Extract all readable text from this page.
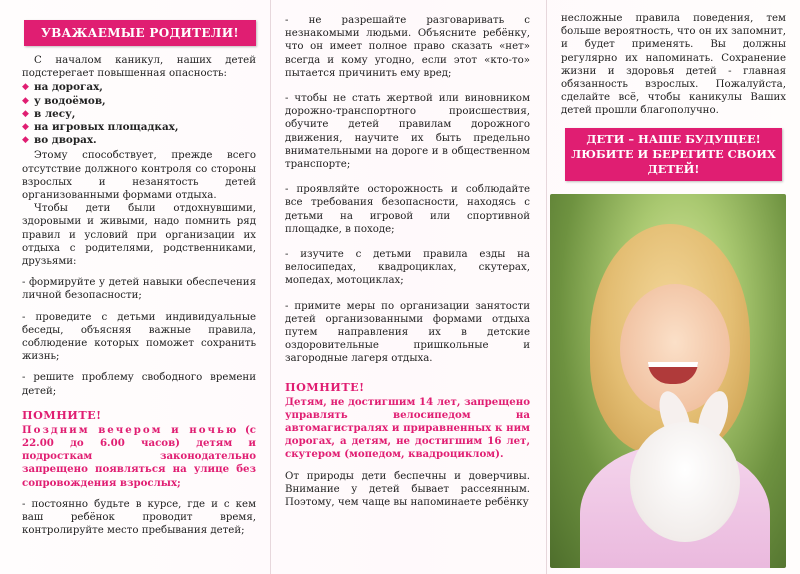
УВАЖАЕМЫЕ РОДИТЕЛИ!

С началом каникул, наших детей подстерегает повышенная опасность:

◆ на дорогах,
◆ у водоёмов,
◆ в лесу,
◆ на игровых площадках,
◆ во дворах.

Этому способствует, прежде всего отсутствие должного контроля со стороны взрослых и незанятость детей организованными формами отдыха.

Чтобы дети были отдохнувшими, здоровыми и живыми, надо помнить ряд правил и условий при организации их отдыха с родителями, родственниками, друзьями:

- формируйте у детей навыки обеспечения личной безопасности;

- проведите с детьми индивидуальные беседы, объясняя важные правила, соблюдение которых поможет сохранить жизнь;

- решите проблему свободного времени детей;

ПОМНИТЕ!

Поздним вечером и ночью (с 22.00 до 6.00 часов) детям и подросткам законодательно запрещено появляться на улице без сопровождения взрослых;

- постоянно будьте в курсе, где и с кем ваш ребёнок проводит время, контролируйте место пребывания детей;

- не разрешайте разговаривать с незнакомыми людьми. Объясните ребёнку, что он имеет полное право сказать «нет» всегда и кому угодно, если этот «кто-то» пытается причинить ему вред;

- чтобы не стать жертвой или виновником дорожно-транспортного происшествия, обучите детей правилам дорожного движения, научите их быть предельно внимательными на дороге и в общественном транспорте;

- проявляйте осторожность и соблюдайте все требования безопасности, находясь с детьми на игровой или спортивной площадке, в походе;

- изучите с детьми правила езды на велосипедах, квадроциклах, скутерах, мопедах, мотоциклах;

- примите меры по организации занятости детей организованными формами отдыха путем направления их в детские оздоровительные пришкольные и загородные лагеря отдыха.

ПОМНИТЕ!

Детям, не достигшим 14 лет, запрещено управлять велосипедом на автомагистралях и приравненных к ним дорогах, а детям, не достигшим 16 лет, скутером (мопедом, квадроциклом).

От природы дети беспечны и доверчивы. Внимание у детей бывает рассеянным. Поэтому, чем чаще вы напоминаете ребёнку

несложные правила поведения, тем больше вероятность, что он их запомнит, и будет применять. Вы должны регулярно их напоминать. Сохранение жизни и здоровья детей - главная обязанность взрослых. Пожалуйста, сделайте всё, чтобы каникулы Ваших детей прошли благополучно.

ДЕТИ – НАШЕ БУДУЩЕЕ!
ЛЮБИТЕ И БЕРЕГИТЕ СВОИХ
ДЕТЕЙ!
